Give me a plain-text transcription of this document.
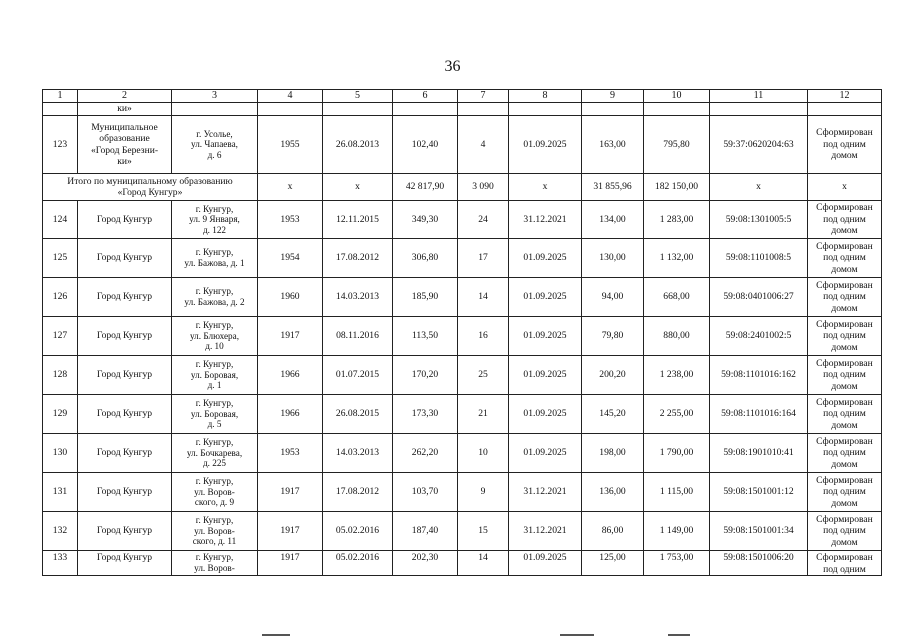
36
1	2	3	4	5	6	7	8	9	10	11	12
	ки»										
123	Муниципальное
образование
«Город Березни-
ки»	г. Усолье,
ул. Чапаева,
д. 6	1955	26.08.2013	102,40	4	01.09.2025	163,00	795,80	59:37:0620204:63	Сформирован
под одним
домом
Итого по муниципальному образованию
«Город Кунгур»			х	х	42 817,90	3 090	х	31 855,96	182 150,00	х	х
124	Город Кунгур	г. Кунгур,
ул. 9 Января,
д. 122	1953	12.11.2015	349,30	24	31.12.2021	134,00	1 283,00	59:08:1301005:5	Сформирован
под одним
домом
125	Город Кунгур	г. Кунгур,
ул. Бажова, д. 1	1954	17.08.2012	306,80	17	01.09.2025	130,00	1 132,00	59:08:1101008:5	Сформирован
под одним
домом
126	Город Кунгур	г. Кунгур,
ул. Бажова, д. 2	1960	14.03.2013	185,90	14	01.09.2025	94,00	668,00	59:08:0401006:27	Сформирован
под одним
домом
127	Город Кунгур	г. Кунгур,
ул. Блюхера,
д. 10	1917	08.11.2016	113,50	16	01.09.2025	79,80	880,00	59:08:2401002:5	Сформирован
под одним
домом
128	Город Кунгур	г. Кунгур,
ул. Боровая,
д. 1	1966	01.07.2015	170,20	25	01.09.2025	200,20	1 238,00	59:08:1101016:162	Сформирован
под одним
домом
129	Город Кунгур	г. Кунгур,
ул. Боровая,
д. 5	1966	26.08.2015	173,30	21	01.09.2025	145,20	2 255,00	59:08:1101016:164	Сформирован
под одним
домом
130	Город Кунгур	г. Кунгур,
ул. Бочкарева,
д. 225	1953	14.03.2013	262,20	10	01.09.2025	198,00	1 790,00	59:08:1901010:41	Сформирован
под одним
домом
131	Город Кунгур	г. Кунгур,
ул. Воров-
ского, д. 9	1917	17.08.2012	103,70	9	31.12.2021	136,00	1 115,00	59:08:1501001:12	Сформирован
под одним
домом
132	Город Кунгур	г. Кунгур,
ул. Воров-
ского, д. 11	1917	05.02.2016	187,40	15	31.12.2021	86,00	1 149,00	59:08:1501001:34	Сформирован
под одним
домом
133	Город Кунгур	г. Кунгур,
ул. Воров-	1917	05.02.2016	202,30	14	01.09.2025	125,00	1 753,00	59:08:1501006:20	Сформирован
под одним
